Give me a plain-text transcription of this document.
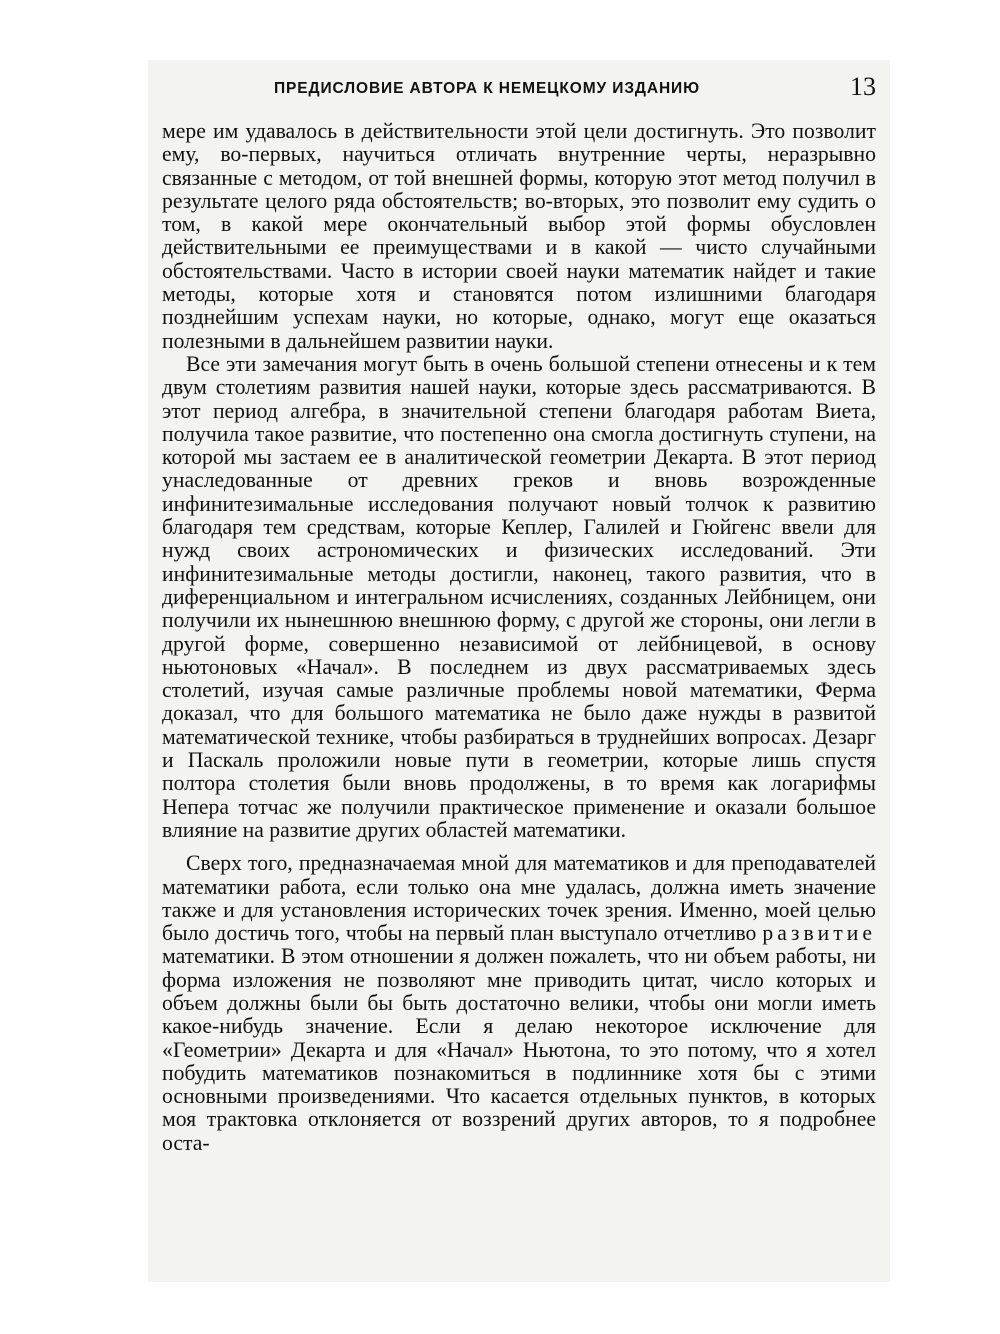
ПРЕДИСЛОВИЕ АВТОРА К НЕМЕЦКОМУ ИЗДАНИЮ	13

мере им удавалось в действительности этой цели достигнуть. Это позволит ему, во-первых, научиться отличать внутренние черты, неразрывно связанные с методом, от той внешней формы, которую этот метод получил в результате целого ряда обстоятельств; во-вторых, это позволит ему судить о том, в какой мере окончательный выбор этой формы обусловлен действительными ее преимуществами и в какой — чисто случайными обстоятельствами. Часто в истории своей науки математик найдет и такие методы, которые хотя и становятся потом излишними благодаря позднейшим успехам науки, но которые, однако, могут еще оказаться полезными в дальнейшем развитии науки.

Все эти замечания могут быть в очень большой степени отнесены и к тем двум столетиям развития нашей науки, которые здесь рассматриваются. В этот период алгебра, в значительной степени благодаря работам Виета, получила такое развитие, что постепенно она смогла достигнуть ступени, на которой мы застаем ее в аналитической геометрии Декарта. В этот период унаследованные от древних греков и вновь возрожденные инфинитезимальные исследования получают новый толчок к развитию благодаря тем средствам, которые Кеплер, Галилей и Гюйгенс ввели для нужд своих астрономических и физических исследований. Эти инфинитезимальные методы достигли, наконец, такого развития, что в диференциальном и интегральном исчислениях, созданных Лейбницем, они получили их нынешнюю внешнюю форму, с другой же стороны, они легли в другой форме, совершенно независимой от лейбницевой, в основу ньютоновых «Начал». В последнем из двух рассматриваемых здесь столетий, изучая самые различные проблемы новой математики, Ферма доказал, что для большого математика не было даже нужды в развитой математической технике, чтобы разбираться в труднейших вопросах. Дезарг и Паскаль проложили новые пути в геометрии, которые лишь спустя полтора столетия были вновь продолжены, в то время как логарифмы Непера тотчас же получили практическое применение и оказали большое влияние на развитие других областей математики.

Сверх того, предназначаемая мной для математиков и для преподавателей математики работа, если только она мне удалась, должна иметь значение также и для установления исторических точек зрения. Именно, моей целью было достичь того, чтобы на первый план выступало отчетливо развитие математики. В этом отношении я должен пожалеть, что ни объем работы, ни форма изложения не позволяют мне приводить цитат, число которых и объем должны были бы быть достаточно велики, чтобы они могли иметь какое-нибудь значение. Если я делаю некоторое исключение для «Геометрии» Декарта и для «Начал» Ньютона, то это потому, что я хотел побудить математиков познакомиться в подлиннике хотя бы с этими основными произведениями. Что касается отдельных пунктов, в которых моя трактовка отклоняется от воззрений других авторов, то я подробнее оста-
